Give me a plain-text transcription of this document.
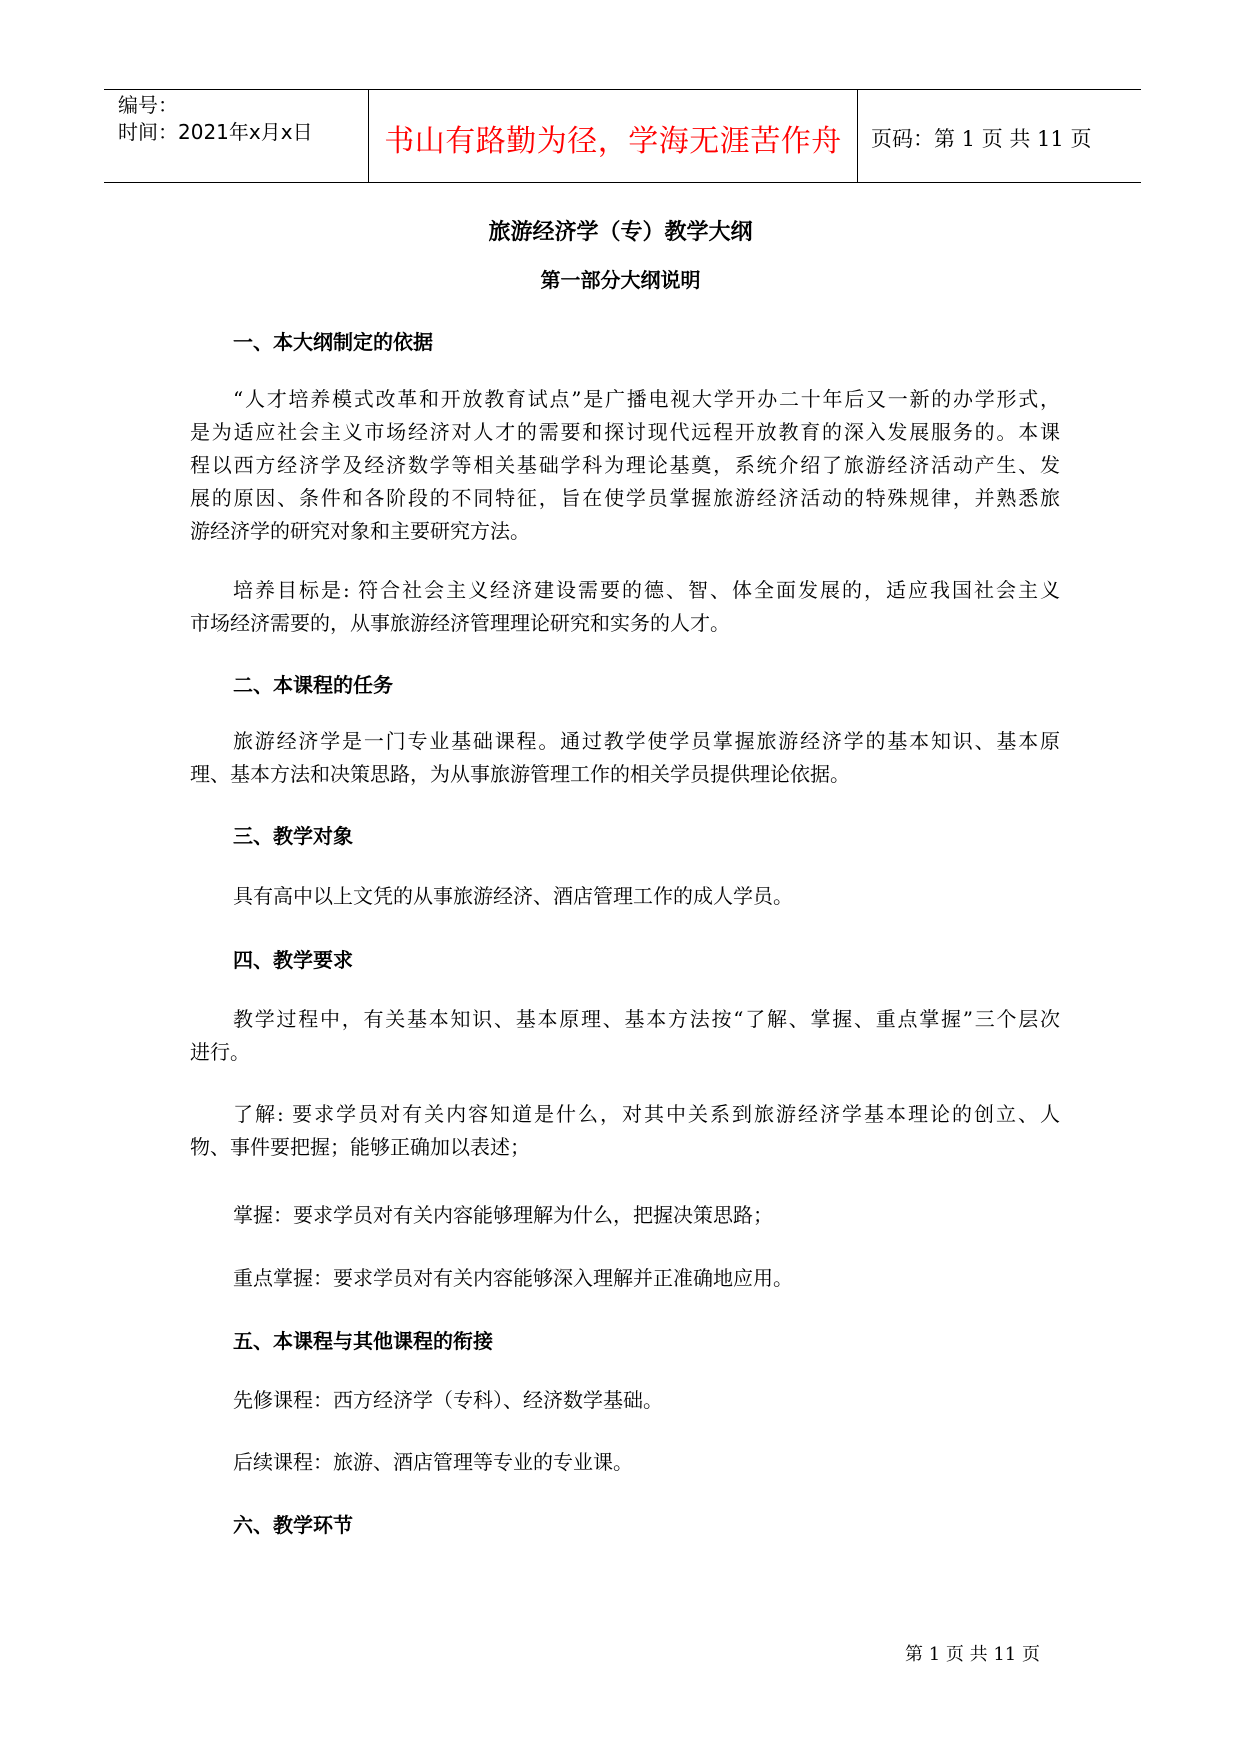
编号：
时间：2021年x月x日	书山有路勤为径，学海无涯苦作舟	页码：第 1 页 共 11 页
旅游经济学（专）教学大纲
第一部分大纲说明
一、本大纲制定的依据
“人才培养模式改革和开放教育试点”是广播电视大学开办二十年后又一新的办学形式，
是为适应社会主义市场经济对人才的需要和探讨现代远程开放教育的深入发展服务的。本课
程以西方经济学及经济数学等相关基础学科为理论基奠，系统介绍了旅游经济活动产生、发
展的原因、条件和各阶段的不同特征，旨在使学员掌握旅游经济活动的特殊规律，并熟悉旅
游经济学的研究对象和主要研究方法。
培养目标是: 符合社会主义经济建设需要的德、智、体全面发展的，适应我国社会主义
市场经济需要的，从事旅游经济管理理论研究和实务的人才。
二、本课程的任务
旅游经济学是一门专业基础课程。通过教学使学员掌握旅游经济学的基本知识、基本原
理、基本方法和决策思路，为从事旅游管理工作的相关学员提供理论依据。
三、教学对象
具有高中以上文凭的从事旅游经济、酒店管理工作的成人学员。
四、教学要求
教学过程中，有关基本知识、基本原理、基本方法按“了解、掌握、重点掌握”三个层次
进行。
了解: 要求学员对有关内容知道是什么，对其中关系到旅游经济学基本理论的创立、人
物、事件要把握；能够正确加以表述；
掌握：要求学员对有关内容能够理解为什么，把握决策思路；
重点掌握：要求学员对有关内容能够深入理解并正准确地应用。
五、本课程与其他课程的衔接
先修课程：西方经济学（专科）、经济数学基础。
后续课程：旅游、酒店管理等专业的专业课。
六、教学环节
第 1 页 共 11 页
